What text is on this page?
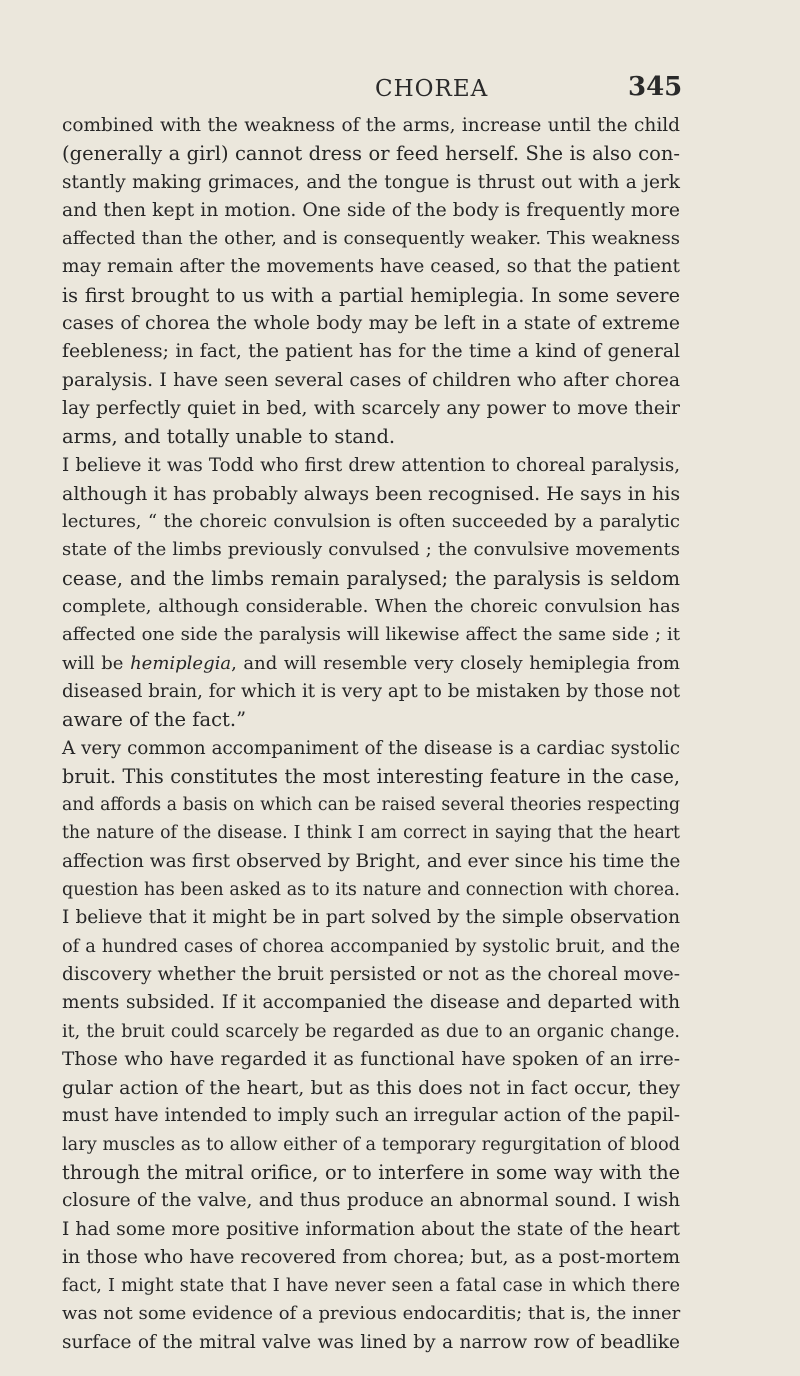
CHOREA	345
combined with the weakness of the arms, increase until the child
(generally a girl) cannot dress or feed herself. She is also con-
stantly making grimaces, and the tongue is thrust out with a jerk
and then kept in motion. One side of the body is frequently more
affected than the other, and is consequently weaker. This weakness
may remain after the movements have ceased, so that the patient
is first brought to us with a partial hemiplegia. In some severe
cases of chorea the whole body may be left in a state of extreme
feebleness; in fact, the patient has for the time a kind of general
paralysis. I have seen several cases of children who after chorea
lay perfectly quiet in bed, with scarcely any power to move their
arms, and totally unable to stand.
I believe it was Todd who first drew attention to choreal paralysis,
although it has probably always been recognised. He says in his
lectures, “ the choreic convulsion is often succeeded by a paralytic
state of the limbs previously convulsed ; the convulsive movements
cease, and the limbs remain paralysed; the paralysis is seldom
complete, although considerable. When the choreic convulsion has
affected one side the paralysis will likewise affect the same side ; it
will be hemiplegia, and will resemble very closely hemiplegia from
diseased brain, for which it is very apt to be mistaken by those not
aware of the fact.”
A very common accompaniment of the disease is a cardiac systolic
bruit. This constitutes the most interesting feature in the case,
and affords a basis on which can be raised several theories respecting
the nature of the disease. I think I am correct in saying that the heart
affection was first observed by Bright, and ever since his time the
question has been asked as to its nature and connection with chorea.
I believe that it might be in part solved by the simple observation
of a hundred cases of chorea accompanied by systolic bruit, and the
discovery whether the bruit persisted or not as the choreal move-
ments subsided. If it accompanied the disease and departed with
it, the bruit could scarcely be regarded as due to an organic change.
Those who have regarded it as functional have spoken of an irre-
gular action of the heart, but as this does not in fact occur, they
must have intended to imply such an irregular action of the papil-
lary muscles as to allow either of a temporary regurgitation of blood
through the mitral orifice, or to interfere in some way with the
closure of the valve, and thus produce an abnormal sound. I wish
I had some more positive information about the state of the heart
in those who have recovered from chorea; but, as a post-mortem
fact, I might state that I have never seen a fatal case in which there
was not some evidence of a previous endocarditis; that is, the inner
surface of the mitral valve was lined by a narrow row of beadlike
